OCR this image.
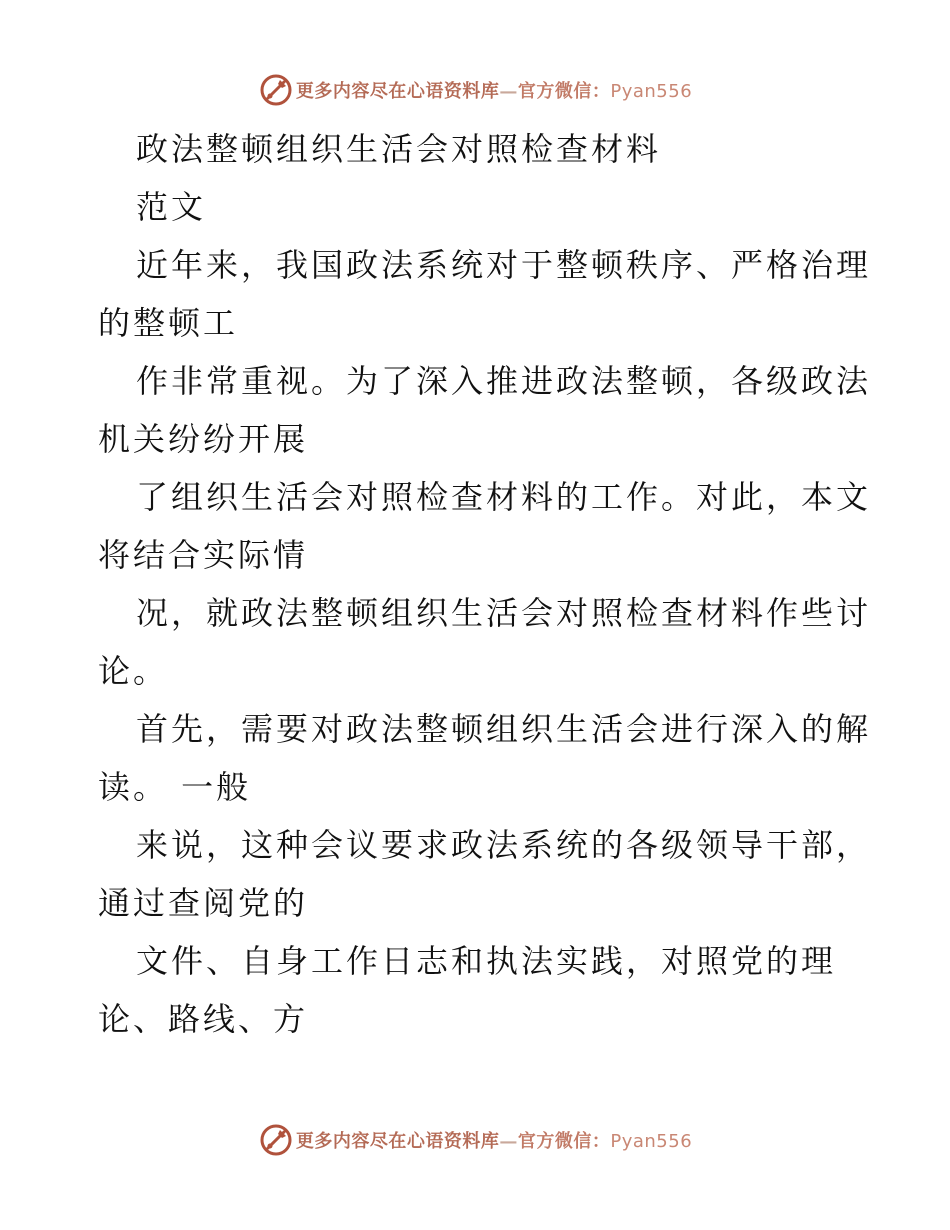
更多内容尽在心语资料库—官方微信：Pyan556
政法整顿组织生活会对照检查材料
范文
近年来，我国政法系统对于整顿秩序、严格治理
的整顿工
作非常重视。为了深入推进政法整顿，各级政法
机关纷纷开展
了组织生活会对照检查材料的工作。对此，本文
将结合实际情
况，就政法整顿组织生活会对照检查材料作些讨
论。
首先，需要对政法整顿组织生活会进行深入的解
读。 一般
来说，这种会议要求政法系统的各级领导干部，
通过查阅党的
文件、自身工作日志和执法实践，对照党的理
论、路线、方
更多内容尽在心语资料库—官方微信：Pyan556
